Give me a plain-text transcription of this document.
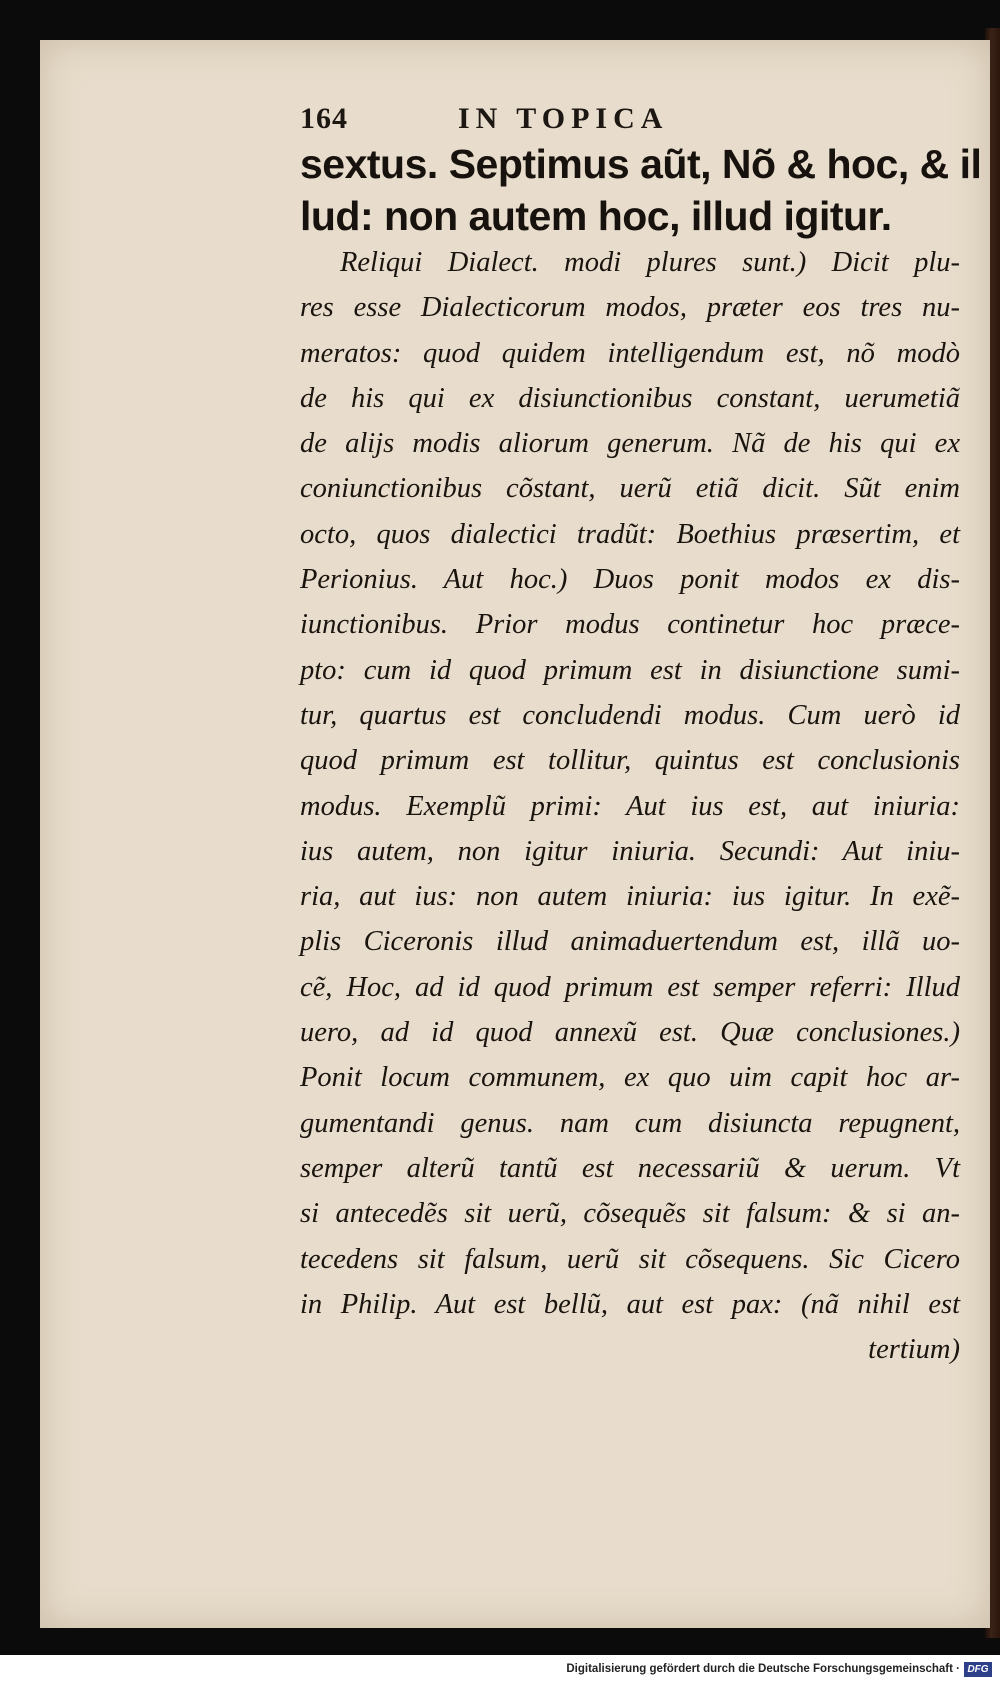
164	IN TOPICA
sextus. Septimus aũt, Nõ & hoc, & il
lud: non autem hoc, illud igitur.
Reliqui Dialect. modi plures sunt.) Dicit plu-
res esse Dialecticorum modos, præter eos tres nu-
meratos: quod quidem intelligendum est, nõ modò
de his qui ex disiunctionibus constant, uerumetiã
de alijs modis aliorum generum. Nã de his qui ex
coniunctionibus cõstant, uerũ etiã dicit. Sũt enim
octo, quos dialectici tradũt: Boethius præsertim, et
Perionius. Aut hoc.) Duos ponit modos ex dis-
iunctionibus. Prior modus continetur hoc præce-
pto: cum id quod primum est in disiunctione sumi-
tur, quartus est concludendi modus. Cum uerò id
quod primum est tollitur, quintus est conclusionis
modus. Exemplũ primi: Aut ius est, aut iniuria:
ius autem, non igitur iniuria. Secundi: Aut iniu-
ria, aut ius: non autem iniuria: ius igitur. In exẽ-
plis Ciceronis illud animaduertendum est, illã uo-
cẽ, Hoc, ad id quod primum est semper referri: Illud
uero, ad id quod annexũ est. Quæ conclusiones.)
Ponit locum communem, ex quo uim capit hoc ar-
gumentandi genus. nam cum disiuncta repugnent,
semper alterũ tantũ est necessariũ & uerum. Vt
si antecedẽs sit uerũ, cõsequẽs sit falsum: & si an-
tecedens sit falsum, uerũ sit cõsequens. Sic Cicero
in Philip. Aut est bellũ, aut est pax: (nã nihil est
tertium)
Digitalisierung gefördert durch die Deutsche Forschungsgemeinschaft · DFG
